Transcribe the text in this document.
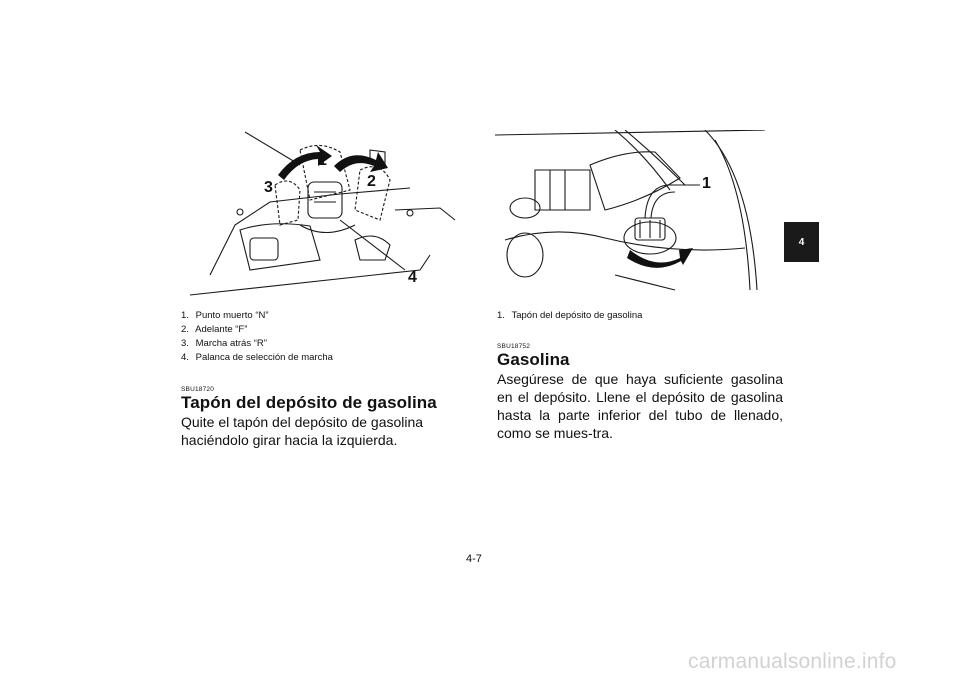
1
2
3
4
1. Punto muerto “N”
2. Adelante “F”
3. Marcha atrás “R”
4. Palanca de selección de marcha
SBU18720
Tapón del depósito de gasolina
Quite el tapón del depósito de gasolina haciéndolo girar hacia la izquierda.
1
1. Tapón del depósito de gasolina
SBU18752
Gasolina
Asegúrese de que haya suficiente gasolina en el depósito. Llene el depósito de gasolina hasta la parte inferior del tubo de llenado, como se mues-tra.
4
4-7
carmanualsonline.info
